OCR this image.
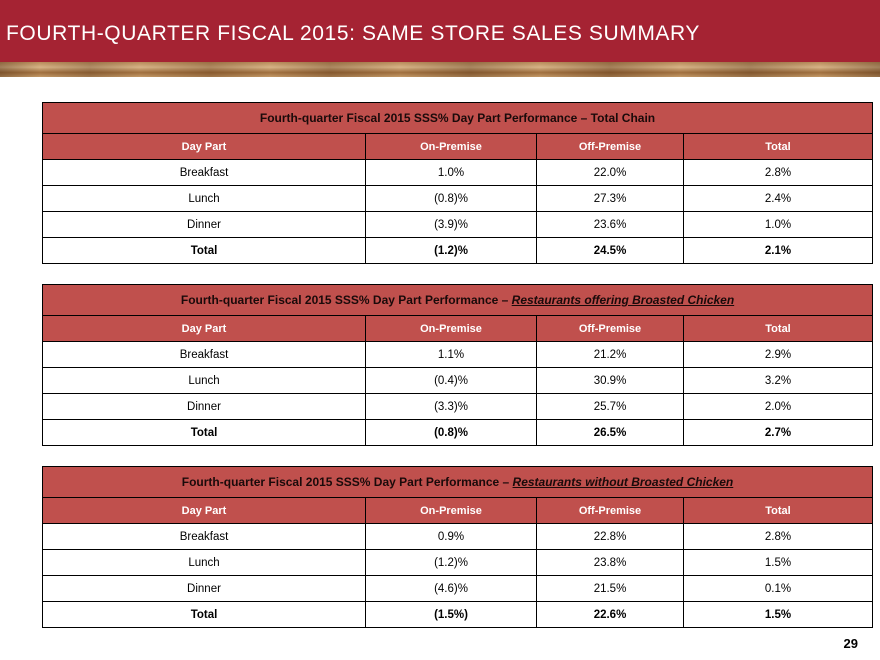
FOURTH-QUARTER FISCAL 2015: SAME STORE SALES SUMMARY
Fourth-quarter Fiscal 2015 SSS% Day Part Performance – Total Chain			
Day Part	On-Premise	Off-Premise	Total
Breakfast	1.0%	22.0%	2.8%
Lunch	(0.8)%	27.3%	2.4%
Dinner	(3.9)%	23.6%	1.0%
Total	(1.2)%	24.5%	2.1%
Fourth-quarter Fiscal 2015 SSS% Day Part Performance – Restaurants offering Broasted Chicken			
Day Part	On-Premise	Off-Premise	Total
Breakfast	1.1%	21.2%	2.9%
Lunch	(0.4)%	30.9%	3.2%
Dinner	(3.3)%	25.7%	2.0%
Total	(0.8)%	26.5%	2.7%
Fourth-quarter Fiscal 2015 SSS% Day Part Performance – Restaurants without Broasted Chicken			
Day Part	On-Premise	Off-Premise	Total
Breakfast	0.9%	22.8%	2.8%
Lunch	(1.2)%	23.8%	1.5%
Dinner	(4.6)%	21.5%	0.1%
Total	(1.5%)	22.6%	1.5%
29
